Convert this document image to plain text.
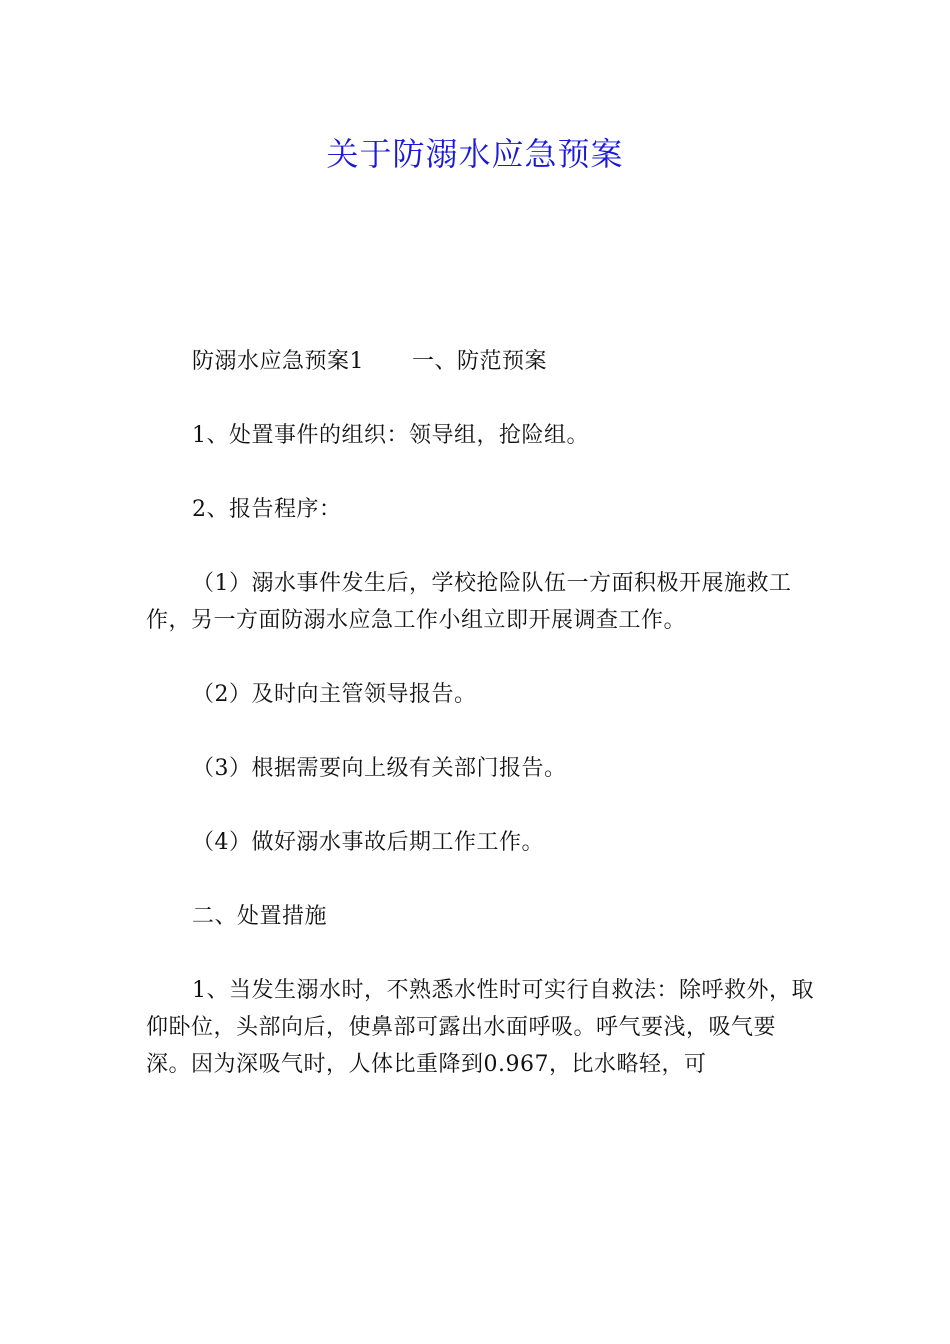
关于防溺水应急预案

防溺水应急预案1 一、防范预案

1、处置事件的组织：领导组，抢险组。

2、报告程序：

（1）溺水事件发生后，学校抢险队伍一方面积极开展施救工作，另一方面防溺水应急工作小组立即开展调查工作。

（2）及时向主管领导报告。

（3）根据需要向上级有关部门报告。

（4）做好溺水事故后期工作工作。

二、处置措施

1、当发生溺水时，不熟悉水性时可实行自救法：除呼救外，取仰卧位，头部向后，使鼻部可露出水面呼吸。呼气要浅，吸气要深。因为深吸气时，人体比重降到0.967，比水略轻，可
